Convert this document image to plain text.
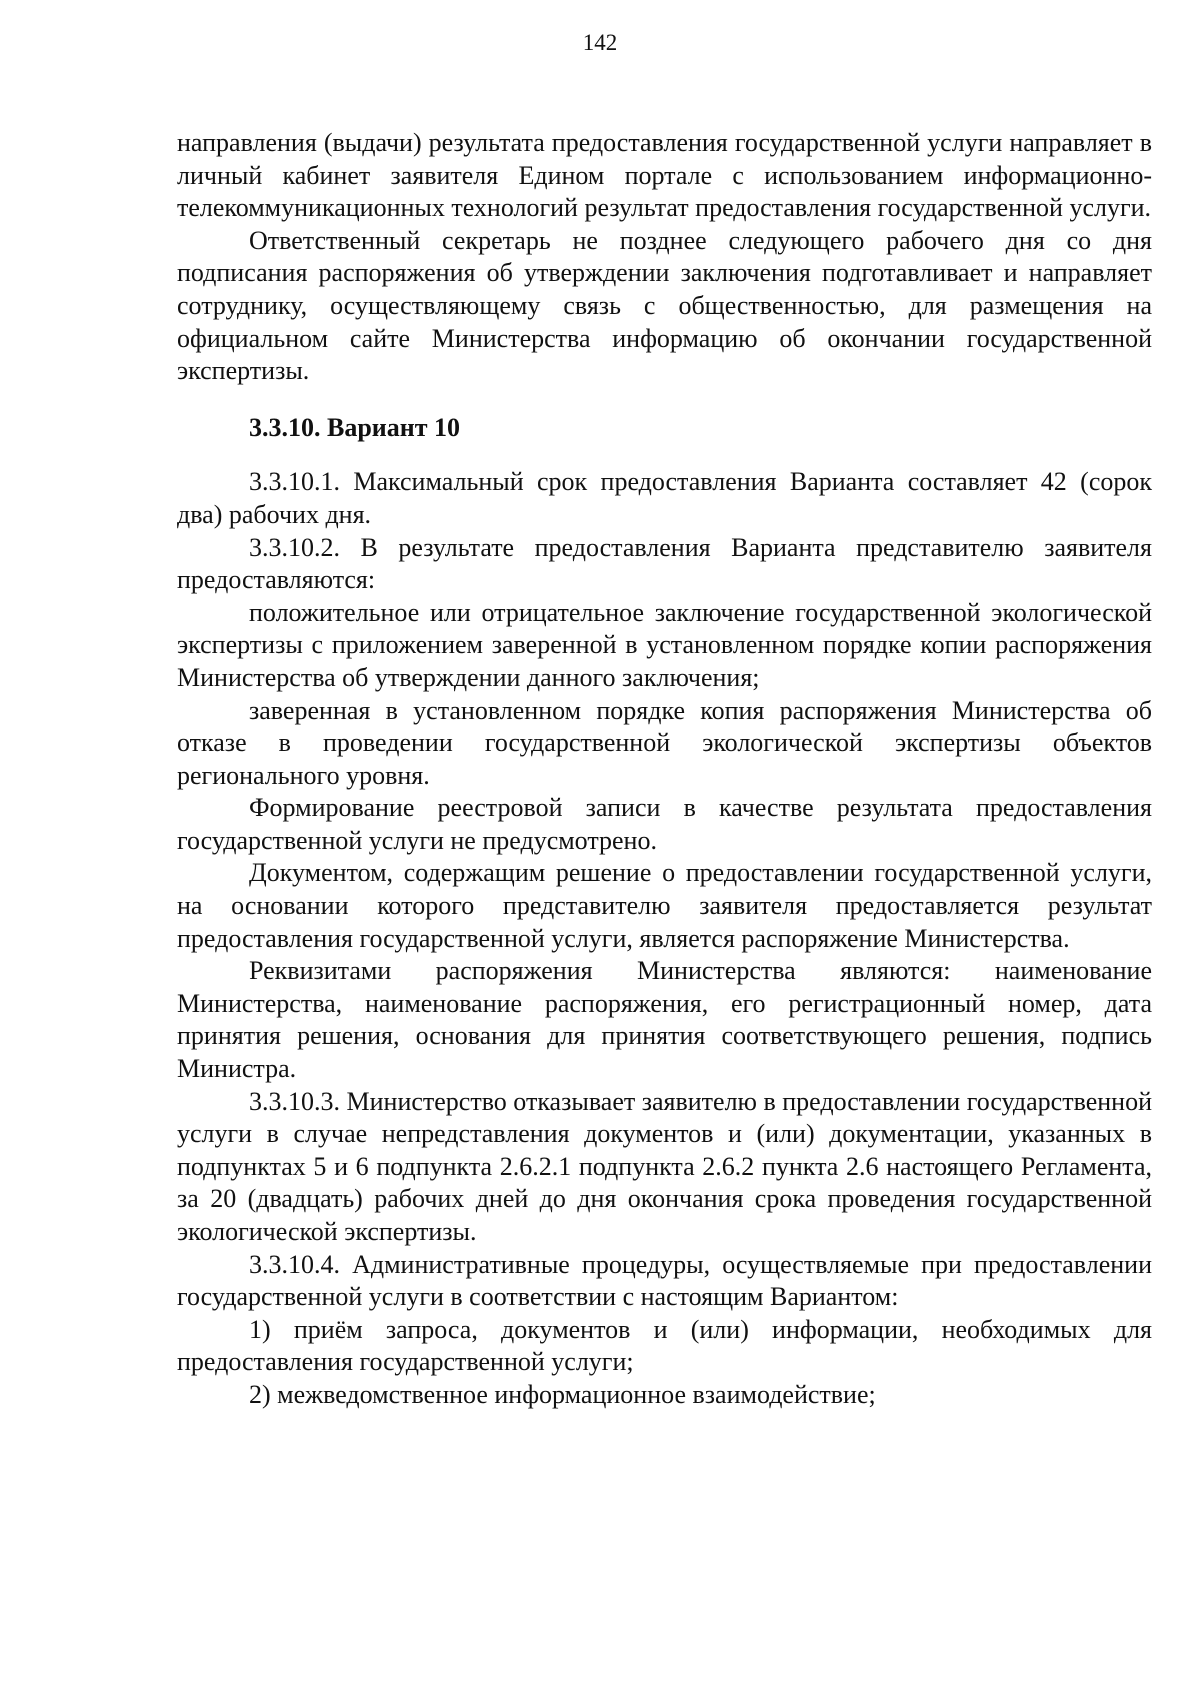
142

направления (выдачи) результата предоставления государственной услуги направляет в личный кабинет заявителя Едином портале с использованием информационно-телекоммуникационных технологий результат предоставления государственной услуги.

Ответственный секретарь не позднее следующего рабочего дня со дня подписания распоряжения об утверждении заключения подготавливает и направляет сотруднику, осуществляющему связь с общественностью, для размещения на официальном сайте Министерства информацию об окончании государственной экспертизы.

3.3.10. Вариант 10

3.3.10.1. Максимальный срок предоставления Варианта составляет 42 (сорок два) рабочих дня.

3.3.10.2. В результате предоставления Варианта представителю заявителя предоставляются:

положительное или отрицательное заключение государственной экологической экспертизы с приложением заверенной в установленном порядке копии распоряжения Министерства об утверждении данного заключения;

заверенная в установленном порядке копия распоряжения Министерства об отказе в проведении государственной экологической экспертизы объектов регионального уровня.

Формирование реестровой записи в качестве результата предоставления государственной услуги не предусмотрено.

Документом, содержащим решение о предоставлении государственной услуги, на основании которого представителю заявителя предоставляется результат предоставления государственной услуги, является распоряжение Министерства.

Реквизитами распоряжения Министерства являются: наименование Министерства, наименование распоряжения, его регистрационный номер, дата принятия решения, основания для принятия соответствующего решения, подпись Министра.

3.3.10.3. Министерство отказывает заявителю в предоставлении государственной услуги в случае непредставления документов и (или) документации, указанных в подпунктах 5 и 6 подпункта 2.6.2.1 подпункта 2.6.2 пункта 2.6 настоящего Регламента, за 20 (двадцать) рабочих дней до дня окончания срока проведения государственной экологической экспертизы.

3.3.10.4. Административные процедуры, осуществляемые при предоставлении государственной услуги в соответствии с настоящим Вариантом:

1) приём запроса, документов и (или) информации, необходимых для предоставления государственной услуги;

2) межведомственное информационное взаимодействие;
